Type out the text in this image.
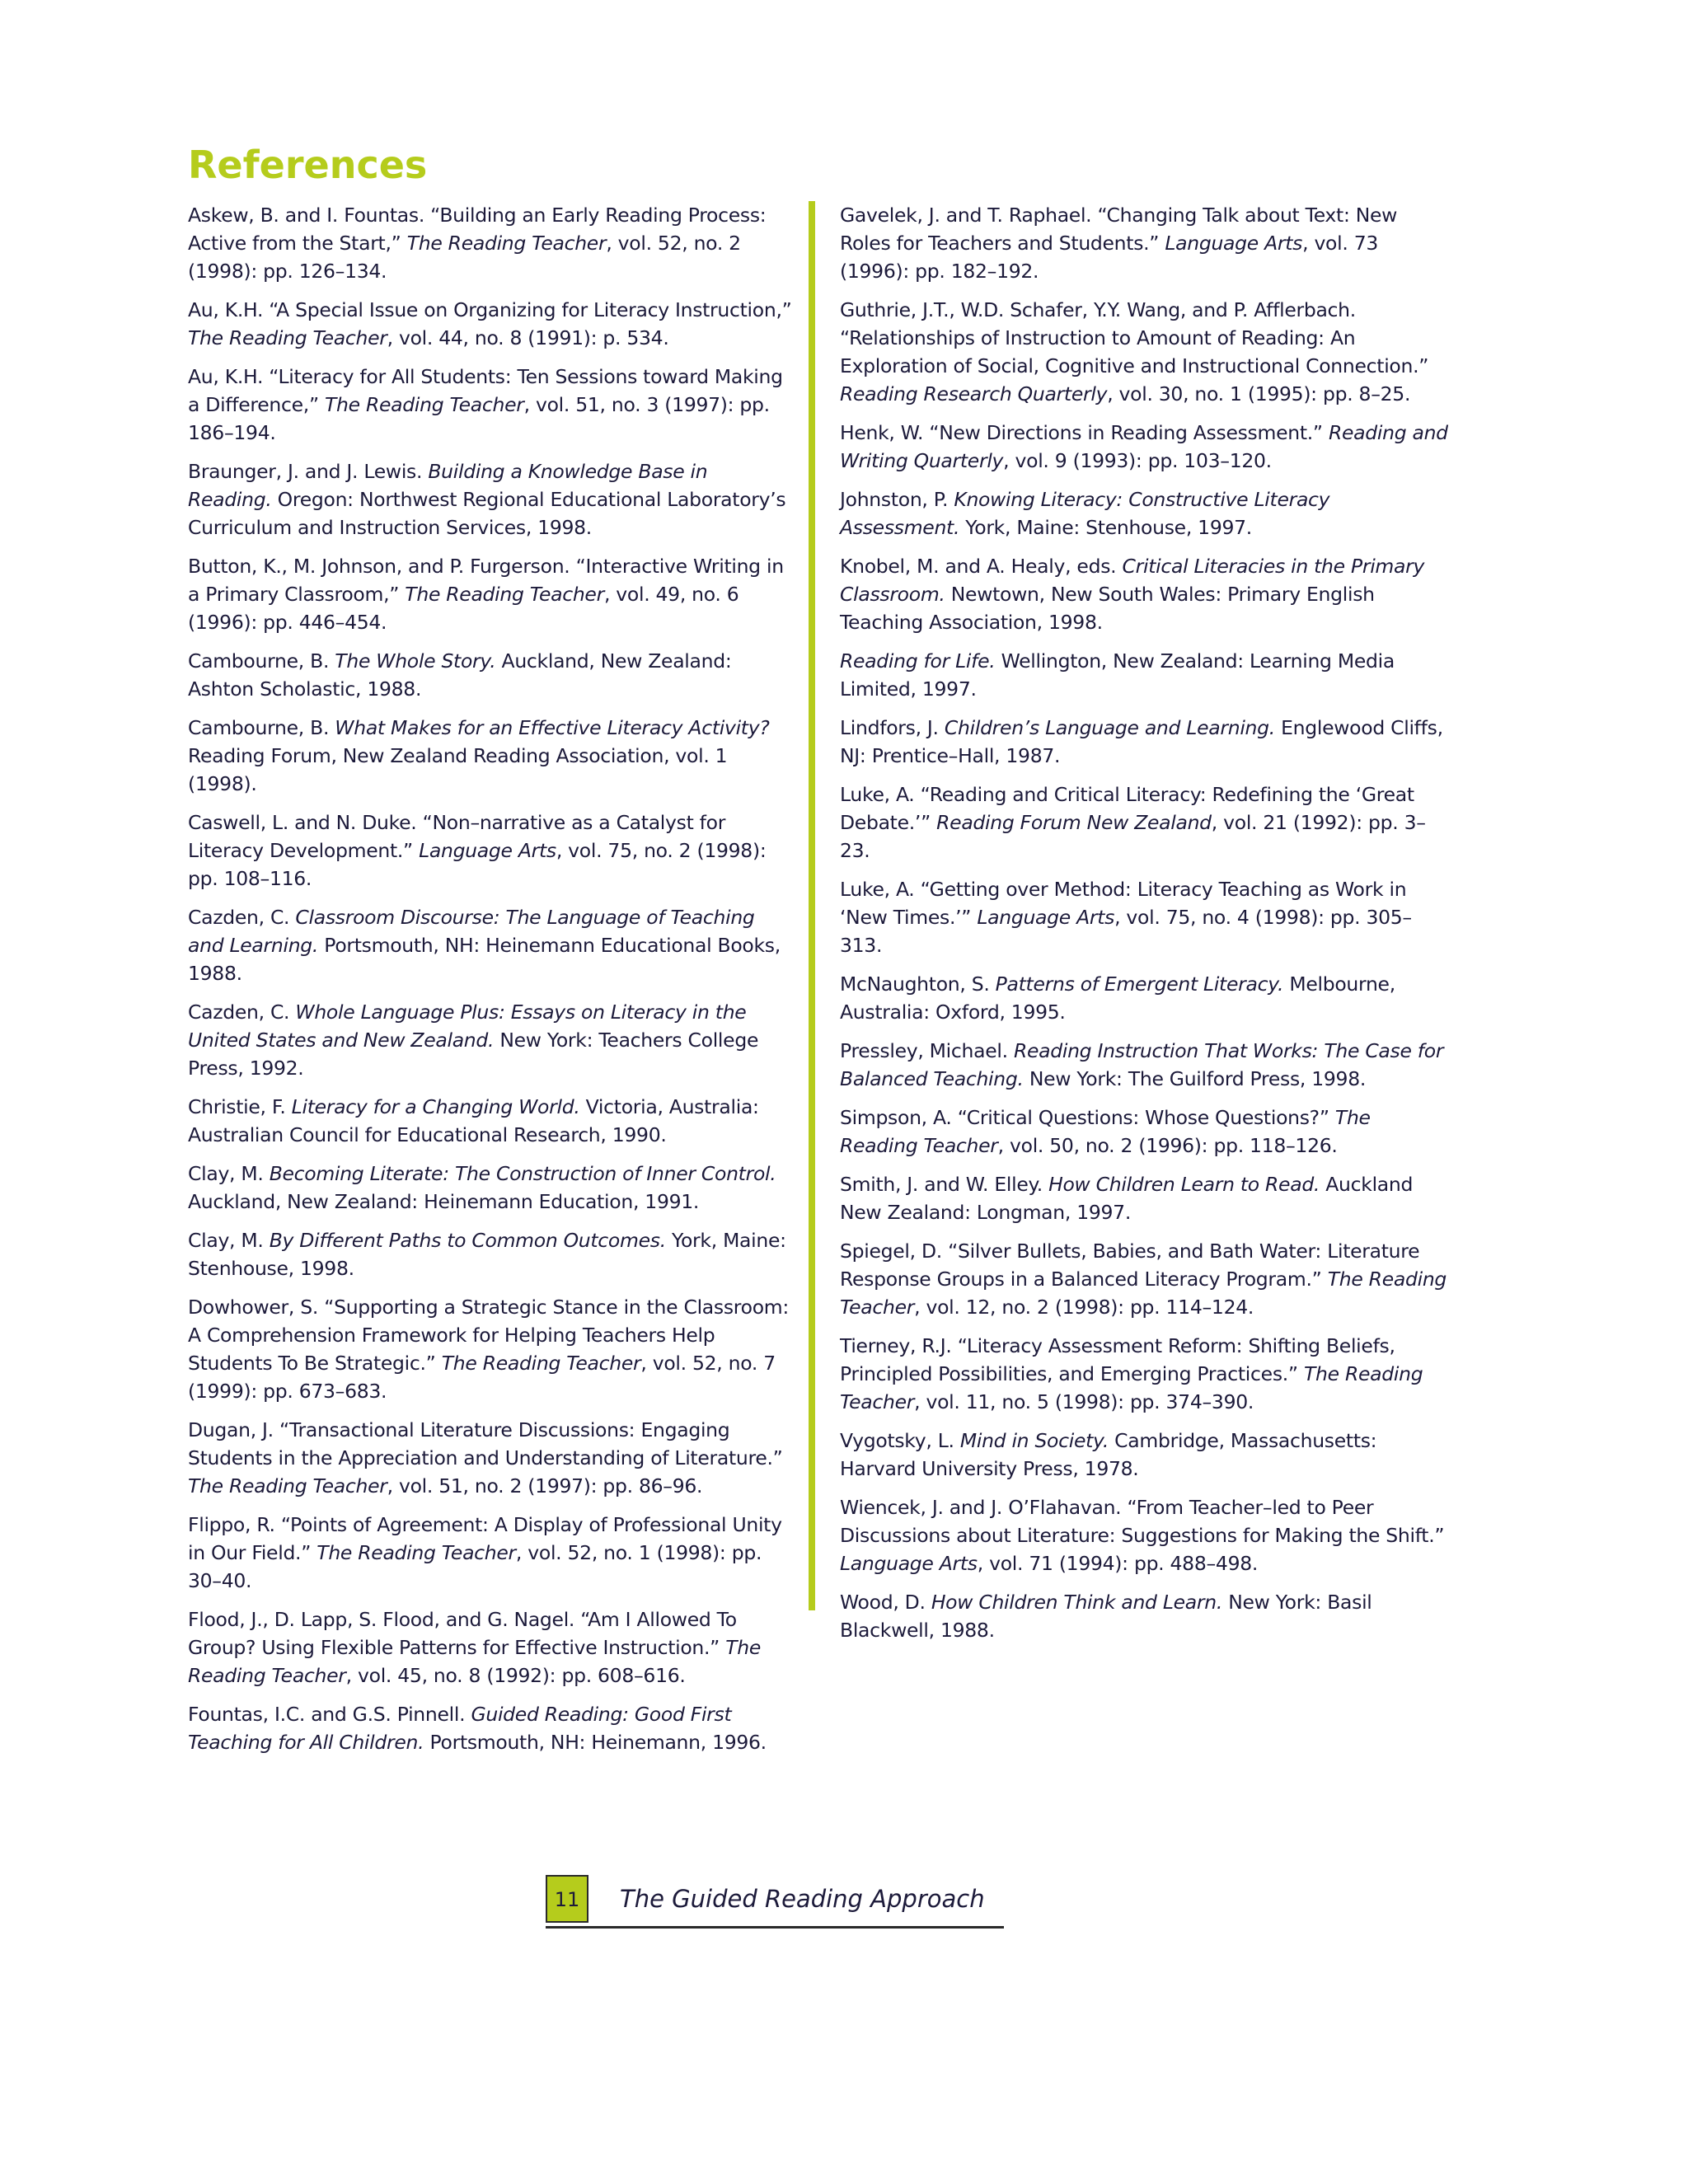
References

Askew, B. and I. Fountas. “Building an Early Reading Process: Active from the Start,” The Reading Teacher, vol. 52, no. 2 (1998): pp. 126–134.

Au, K.H. “A Special Issue on Organizing for Literacy Instruction,” The Reading Teacher, vol. 44, no. 8 (1991): p. 534.

Au, K.H. “Literacy for All Students: Ten Sessions toward Making a Difference,” The Reading Teacher, vol. 51, no. 3 (1997): pp. 186–194.

Braunger, J. and J. Lewis. Building a Knowledge Base in Reading. Oregon: Northwest Regional Educational Laboratory’s Curriculum and Instruction Services, 1998.

Button, K., M. Johnson, and P. Furgerson. “Interactive Writing in a Primary Classroom,” The Reading Teacher, vol. 49, no. 6 (1996): pp. 446–454.

Cambourne, B. The Whole Story. Auckland, New Zealand: Ashton Scholastic, 1988.

Cambourne, B. What Makes for an Effective Literacy Activity? Reading Forum, New Zealand Reading Association, vol. 1 (1998).

Caswell, L. and N. Duke. “Non–narrative as a Catalyst for Literacy Development.” Language Arts, vol. 75, no. 2 (1998): pp. 108–116.

Cazden, C. Classroom Discourse: The Language of Teaching and Learning. Portsmouth, NH: Heinemann Educational Books, 1988.

Cazden, C. Whole Language Plus: Essays on Literacy in the United States and New Zealand. New York: Teachers College Press, 1992.

Christie, F. Literacy for a Changing World. Victoria, Australia: Australian Council for Educational Research, 1990.

Clay, M. Becoming Literate: The Construction of Inner Control. Auckland, New Zealand: Heinemann Education, 1991.

Clay, M. By Different Paths to Common Outcomes. York, Maine: Stenhouse, 1998.

Dowhower, S. “Supporting a Strategic Stance in the Classroom: A Comprehension Framework for Helping Teachers Help Students To Be Strategic.” The Reading Teacher, vol. 52, no. 7 (1999): pp. 673–683.

Dugan, J. “Transactional Literature Discussions: Engaging Students in the Appreciation and Understanding of Literature.” The Reading Teacher, vol. 51, no. 2 (1997): pp. 86–96.

Flippo, R. “Points of Agreement: A Display of Professional Unity in Our Field.” The Reading Teacher, vol. 52, no. 1 (1998): pp. 30–40.

Flood, J., D. Lapp, S. Flood, and G. Nagel. “Am I Allowed To Group? Using Flexible Patterns for Effective Instruction.” The Reading Teacher, vol. 45, no. 8 (1992): pp. 608–616.

Fountas, I.C. and G.S. Pinnell. Guided Reading: Good First Teaching for All Children. Portsmouth, NH: Heinemann, 1996.

Gavelek, J. and T. Raphael. “Changing Talk about Text: New Roles for Teachers and Students.” Language Arts, vol. 73 (1996): pp. 182–192.

Guthrie, J.T., W.D. Schafer, Y.Y. Wang, and P. Afflerbach. “Relationships of Instruction to Amount of Reading: An Exploration of Social, Cognitive and Instructional Connection.” Reading Research Quarterly, vol. 30, no. 1 (1995): pp. 8–25.

Henk, W. “New Directions in Reading Assessment.” Reading and Writing Quarterly, vol. 9 (1993): pp. 103–120.

Johnston, P. Knowing Literacy: Constructive Literacy Assessment. York, Maine: Stenhouse, 1997.

Knobel, M. and A. Healy, eds. Critical Literacies in the Primary Classroom. Newtown, New South Wales: Primary English Teaching Association, 1998.

Reading for Life. Wellington, New Zealand: Learning Media Limited, 1997.

Lindfors, J. Children’s Language and Learning. Englewood Cliffs, NJ: Prentice–Hall, 1987.

Luke, A. “Reading and Critical Literacy: Redefining the ‘Great Debate.’” Reading Forum New Zealand, vol. 21 (1992): pp. 3–23.

Luke, A. “Getting over Method: Literacy Teaching as Work in ‘New Times.’” Language Arts, vol. 75, no. 4 (1998): pp. 305–313.

McNaughton, S. Patterns of Emergent Literacy. Melbourne, Australia: Oxford, 1995.

Pressley, Michael. Reading Instruction That Works: The Case for Balanced Teaching. New York: The Guilford Press, 1998.

Simpson, A. “Critical Questions: Whose Questions?” The Reading Teacher, vol. 50, no. 2 (1996): pp. 118–126.

Smith, J. and W. Elley. How Children Learn to Read. Auckland New Zealand: Longman, 1997.

Spiegel, D. “Silver Bullets, Babies, and Bath Water: Literature Response Groups in a Balanced Literacy Program.” The Reading Teacher, vol. 12, no. 2 (1998): pp. 114–124.

Tierney, R.J. “Literacy Assessment Reform: Shifting Beliefs, Principled Possibilities, and Emerging Practices.” The Reading Teacher, vol. 11, no. 5 (1998): pp. 374–390.

Vygotsky, L. Mind in Society. Cambridge, Massachusetts: Harvard University Press, 1978.

Wiencek, J. and J. O’Flahavan. “From Teacher–led to Peer Discussions about Literature: Suggestions for Making the Shift.” Language Arts, vol. 71 (1994): pp. 488–498.

Wood, D. How Children Think and Learn. New York: Basil Blackwell, 1988.

11	The Guided Reading Approach
